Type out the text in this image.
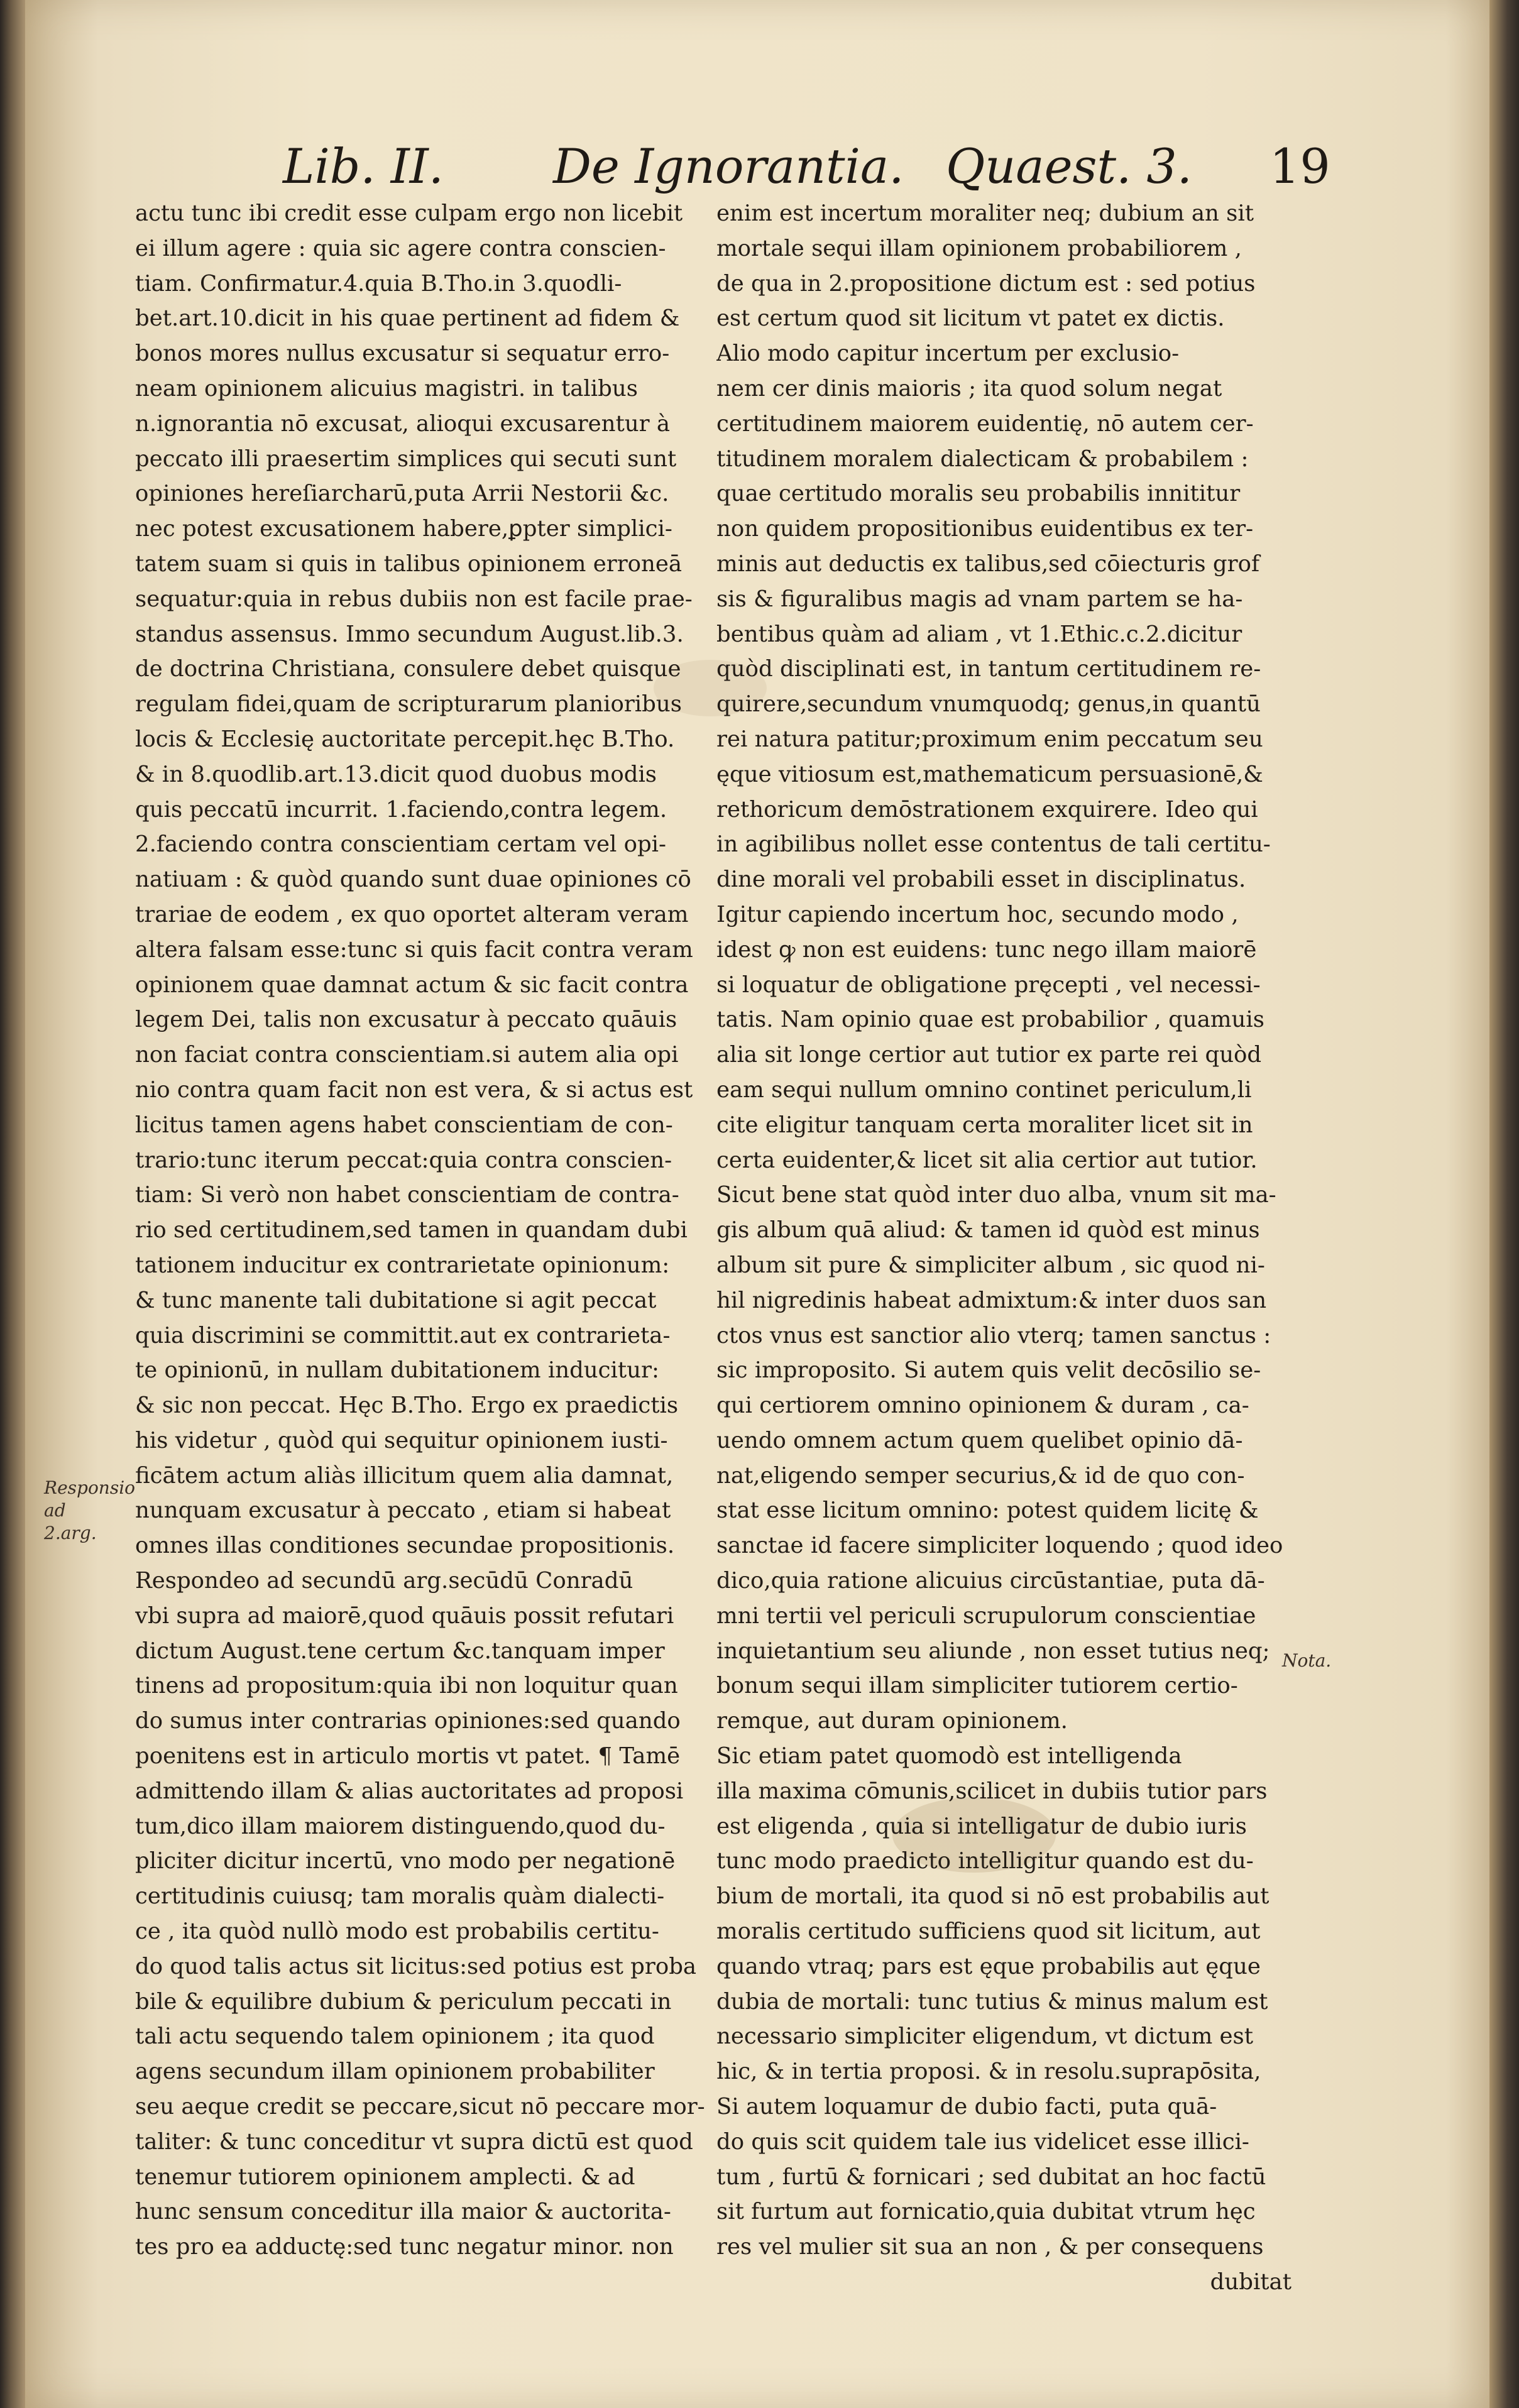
Lib. II. De Ignorantia. Quaest. 3. 19
actu tunc ibi credit esse culpam ergo non licebit
ei illum agere : quia sic agere contra conscien-
tiam. Confirmatur.4.quia B.Tho.in 3.quodli-
bet.art.10.dicit in his quae pertinent ad fidem &
bonos mores nullus excusatur si sequatur erro-
neam opinionem alicuius magistri. in talibus
n.ignorantia nō excusat, alioqui excusarentur à
peccato illi praesertim simplices qui secuti sunt
opiniones hereſiarcharū,puta Arrii Nestorii &c.
nec potest excusationem habere,ꝑpter simplici-
tatem suam si quis in talibus opinionem erroneā
sequatur:quia in rebus dubiis non est facile prae-
standus assensus. Immo secundum August.lib.3.
de doctrina Christiana, consulere debet quisque
regulam fidei,quam de scripturarum planioribus
locis & Ecclesię auctoritate percepit.hęc B.Tho.
& in 8.quodlib.art.13.dicit quod duobus modis
quis peccatū incurrit. 1.faciendo,contra legem.
2.faciendo contra conscientiam certam vel opi-
natiuam : & quòd quando sunt duae opiniones cō
trariae de eodem , ex quo oportet alteram veram
altera falsam esse:tunc si quis facit contra veram
opinionem quae damnat actum & sic facit contra
legem Dei, talis non excusatur à peccato quāuis
non faciat contra conscientiam.si autem alia opi
nio contra quam facit non est vera, & si actus est
licitus tamen agens habet conscientiam de con-
trario:tunc iterum peccat:quia contra conscien-
tiam: Si verò non habet conscientiam de contra-
rio sed certitudinem,sed tamen in quandam dubi
tationem inducitur ex contrarietate opinionum:
& tunc manente tali dubitatione si agit peccat
quia discrimini se committit.aut ex contrarieta-
te opinionū, in nullam dubitationem inducitur:
& sic non peccat. Hęc B.Tho. Ergo ex praedictis
his videtur , quòd qui sequitur opinionem iusti-
ficātem actum aliàs illicitum quem alia damnat,
nunquam excusatur à peccato , etiam si habeat
omnes illas conditiones secundae propositionis.
Respondeo ad secundū arg.secūdū Conradū
vbi supra ad maiorē,quod quāuis possit refutari
dictum August.tene certum &c.tanquam imper
tinens ad propositum:quia ibi non loquitur quan
do sumus inter contrarias opiniones:sed quando
poenitens est in articulo mortis vt patet. ¶ Tamē
admittendo illam & alias auctoritates ad proposi
tum,dico illam maiorem distinguendo,quod du-
pliciter dicitur incertū, vno modo per negationē
certitudinis cuiusq; tam moralis quàm dialecti-
ce , ita quòd nullò modo est probabilis certitu-
do quod talis actus sit licitus:sed potius est proba
bile & equilibre dubium & periculum peccati in
tali actu sequendo talem opinionem ; ita quod
agens secundum illam opinionem probabiliter
seu aeque credit se peccare,sicut nō peccare mor-
taliter: & tunc conceditur vt supra dictū est quod
tenemur tutiorem opinionem amplecti. & ad
hunc sensum conceditur illa maior & auctorita-
tes pro ea adductę:sed tunc negatur minor. non
enim est incertum moraliter neq; dubium an sit
mortale sequi illam opinionem probabiliorem ,
de qua in 2.propositione dictum est : sed potius
est certum quod sit licitum vt patet ex dictis.
Alio modo capitur incertum per exclusio-
nem cer dinis maioris ; ita quod solum negat
certitudinem maiorem euidentię, nō autem cer-
titudinem moralem dialecticam & probabilem :
quae certitudo moralis seu probabilis innititur
non quidem propositionibus euidentibus ex ter-
minis aut deductis ex talibus,sed cōiecturis grof
sis & figuralibus magis ad vnam partem se ha-
bentibus quàm ad aliam , vt 1.Ethic.c.2.dicitur
quòd disciplinati est, in tantum certitudinem re-
quirere,secundum vnumquodq; genus,in quantū
rei natura patitur;proximum enim peccatum seu
ęque vitiosum est,mathematicum persuasionē,&
rethoricum demōstrationem exquirere. Ideo qui
in agibilibus nollet esse contentus de tali certitu-
dine morali vel probabili esset in disciplinatus.
Igitur capiendo incertum hoc, secundo modo ,
idest ꝙ non est euidens: tunc nego illam maiorē
si loquatur de obligatione pręcepti , vel necessi-
tatis. Nam opinio quae est probabilior , quamuis
alia sit longe certior aut tutior ex parte rei quòd
eam sequi nullum omnino continet periculum,li
cite eligitur tanquam certa moraliter licet sit in
certa euidenter,& licet sit alia certior aut tutior.
Sicut bene stat quòd inter duo alba, vnum sit ma-
gis album quā aliud: & tamen id quòd est minus
album sit pure & simpliciter album , sic quod ni-
hil nigredinis habeat admixtum:& inter duos san
ctos vnus est sanctior alio vterq; tamen sanctus :
sic improposito. Si autem quis velit decōsilio se-
qui certiorem omnino opinionem & duram , ca-
uendo omnem actum quem quelibet opinio dā-
nat,eligendo semper securius,& id de quo con-
stat esse licitum omnino: potest quidem licitę &
sanctae id facere simpliciter loquendo ; quod ideo
dico,quia ratione alicuius circūstantiae, puta dā-
mni tertii vel periculi scrupulorum conscientiae
inquietantium seu aliunde , non esset tutius neq;
bonum sequi illam simpliciter tutiorem certio-
remque, aut duram opinionem.
Sic etiam patet quomodò est intelligenda
illa maxima cōmunis,scilicet in dubiis tutior pars
est eligenda , quia si intelligatur de dubio iuris
tunc modo praedicto intelligitur quando est du-
bium de mortali, ita quod si nō est probabilis aut
moralis certitudo sufficiens quod sit licitum, aut
quando vtraq; pars est ęque probabilis aut ęque
dubia de mortali: tunc tutius & minus malum est
necessario simpliciter eligendum, vt dictum est
hic, & in tertia proposi. & in resolu.suprapōsita,
Si autem loquamur de dubio facti, puta quā-
do quis scit quidem tale ius videlicet esse illici-
tum , furtū & fornicari ; sed dubitat an hoc factū
sit furtum aut fornicatio,quia dubitat vtrum hęc
res vel mulier sit sua an non , & per consequens
dubitat
Responsio ad 2.arg.
Nota.
